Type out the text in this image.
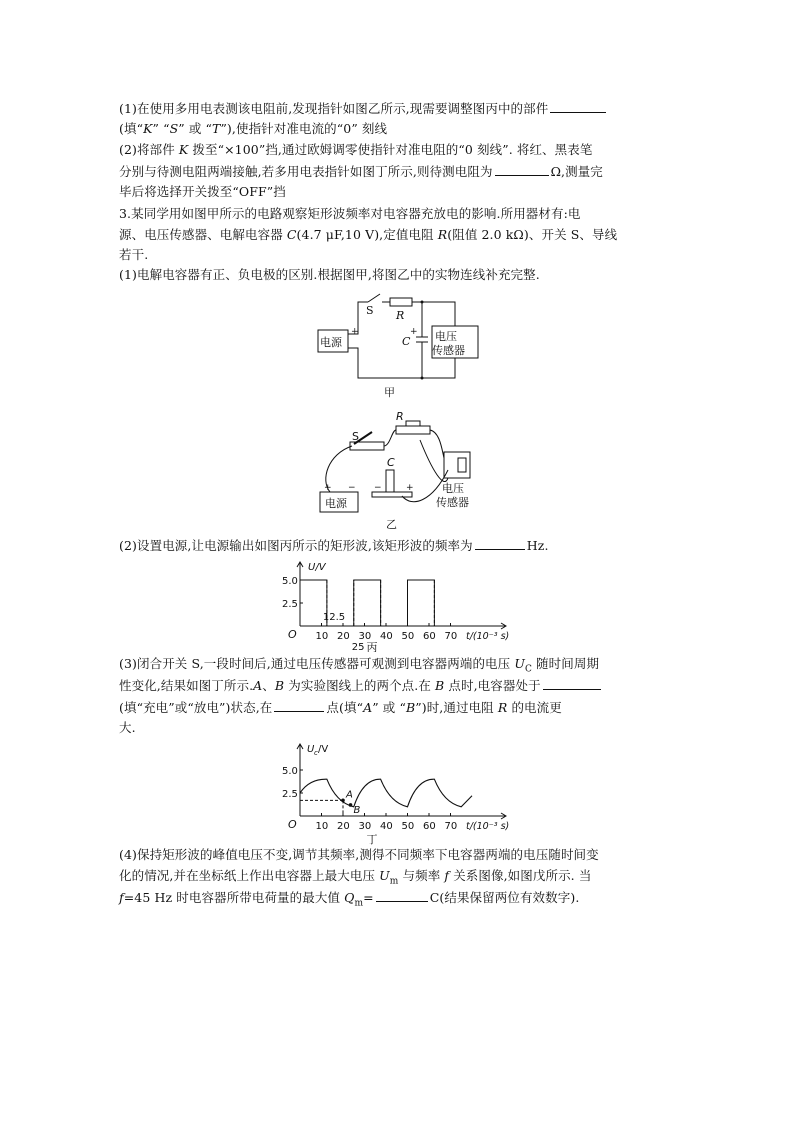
(1)在使用多用电表测该电阻前,发现指针如图乙所示,现需要调整图丙中的部件
(填“K” “S” 或 “T”),使指针对准电流的“0” 刻线
(2)将部件 K 拨至“×100”挡,通过欧姆调零使指针对准电阻的“0 刻线”. 将红、黑表笔
分别与待测电阻两端接触,若多用电表指针如图丁所示,则待测电阻为	Ω,测量完
毕后将选择开关拨至“OFF”挡
3.某同学用如图甲所示的电路观察矩形波频率对电容器充放电的影响.所用器材有:电
源、电压传感器、电解电容器 C(4.7 μF,10 V),定值电阻 R(阻值 2.0 kΩ)、开关 S、导线
若干.
(1)电解电容器有正、负电极的区别.根据图甲,将图乙中的实物连线补充完整.
S R
电源
+
C
+ 电压
传感器
甲
R
S
C
−	+
+ −
电源
电压
传感器
乙
(2)设置电源,让电源输出如图丙所示的矩形波,该矩形波的频率为	Hz.
5.0
2.5
10 20 30 40 50 60 70
O
U/V
t/(10⁻³ s)
12.5
25 丙
(3)闭合开关 S,一段时间后,通过电压传感器可观测到电容器两端的电压 $U_C$ 随时间周期
性变化,结果如图丁所示.A、B 为实验图线上的两个点.在 B 点时,电容器处于
(填“充电”或“放电”)状态,在	点(填“A” 或 “B”)时,通过电阻 R 的电流更
大.
5.0
2.5
10 20 30 40 50 60 70
O
A
B
U c /V
t/(10⁻³ s)
丁
(4)保持矩形波的峰值电压不变,调节其频率,测得不同频率下电容器两端的电压随时间变
化的情况,并在坐标纸上作出电容器上最大电压 $U_m$ 与频率 f 关系图像,如图戊所示. 当
f=45 Hz 时电容器所带电荷量的最大值 $Q_m=$	C(结果保留两位有效数字).
